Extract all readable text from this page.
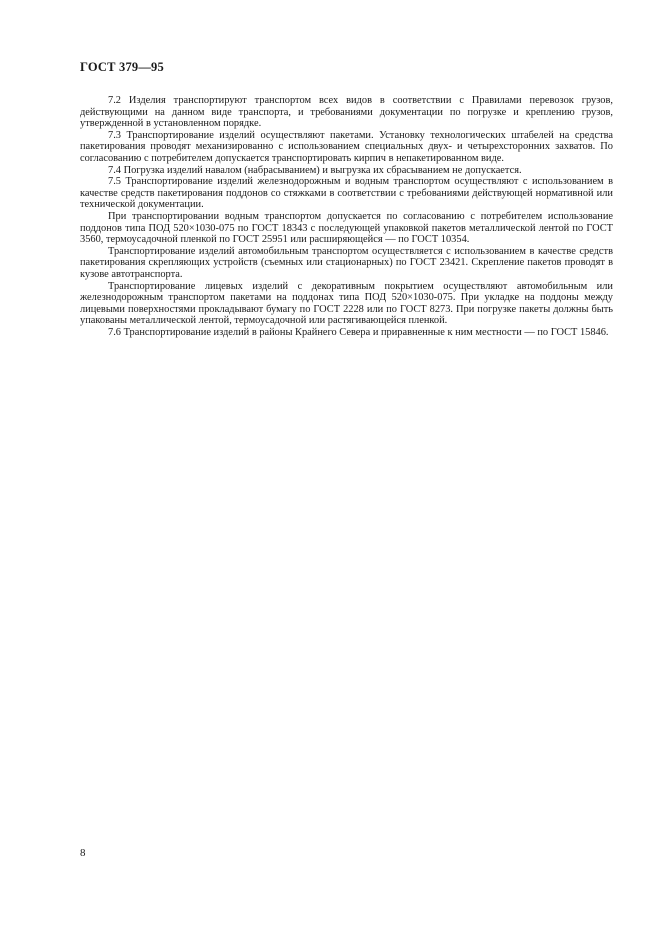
ГОСТ 379—95

7.2 Изделия транспортируют транспортом всех видов в соответствии с Правилами перевозок грузов, действующими на данном виде транспорта, и требованиями документации по погрузке и креплению грузов, утвержденной в установленном порядке.

7.3 Транспортирование изделий осуществляют пакетами. Установку технологических штабелей на средства пакетирования проводят механизированно с использованием специальных двух- и четырехсторонних захватов. По согласованию с потребителем допускается транспортировать кирпич в непакетированном виде.

7.4 Погрузка изделий навалом (набрасыванием) и выгрузка их сбрасыванием не допускается.

7.5 Транспортирование изделий железнодорожным и водным транспортом осуществляют с использованием в качестве средств пакетирования поддонов со стяжками в соответствии с требованиями действующей нормативной или технической документации.

При транспортировании водным транспортом допускается по согласованию с потребителем использование поддонов типа ПОД 520×1030-075 по ГОСТ 18343 с последующей упаковкой пакетов металлической лентой по ГОСТ 3560, термоусадочной пленкой по ГОСТ 25951 или расширяющейся — по ГОСТ 10354.

Транспортирование изделий автомобильным транспортом осуществляется с использованием в качестве средств пакетирования скрепляющих устройств (съемных или стационарных) по ГОСТ 23421. Скрепление пакетов проводят в кузове автотранспорта.

Транспортирование лицевых изделий с декоративным покрытием осуществляют автомобильным или железнодорожным транспортом пакетами на поддонах типа ПОД 520×1030-075. При укладке на поддоны между лицевыми поверхностями прокладывают бумагу по ГОСТ 2228 или по ГОСТ 8273. При погрузке пакеты должны быть упакованы металлической лентой, термоусадочной или растягивающейся пленкой.

7.6 Транспортирование изделий в районы Крайнего Севера и приравненные к ним местности — по ГОСТ 15846.

8
